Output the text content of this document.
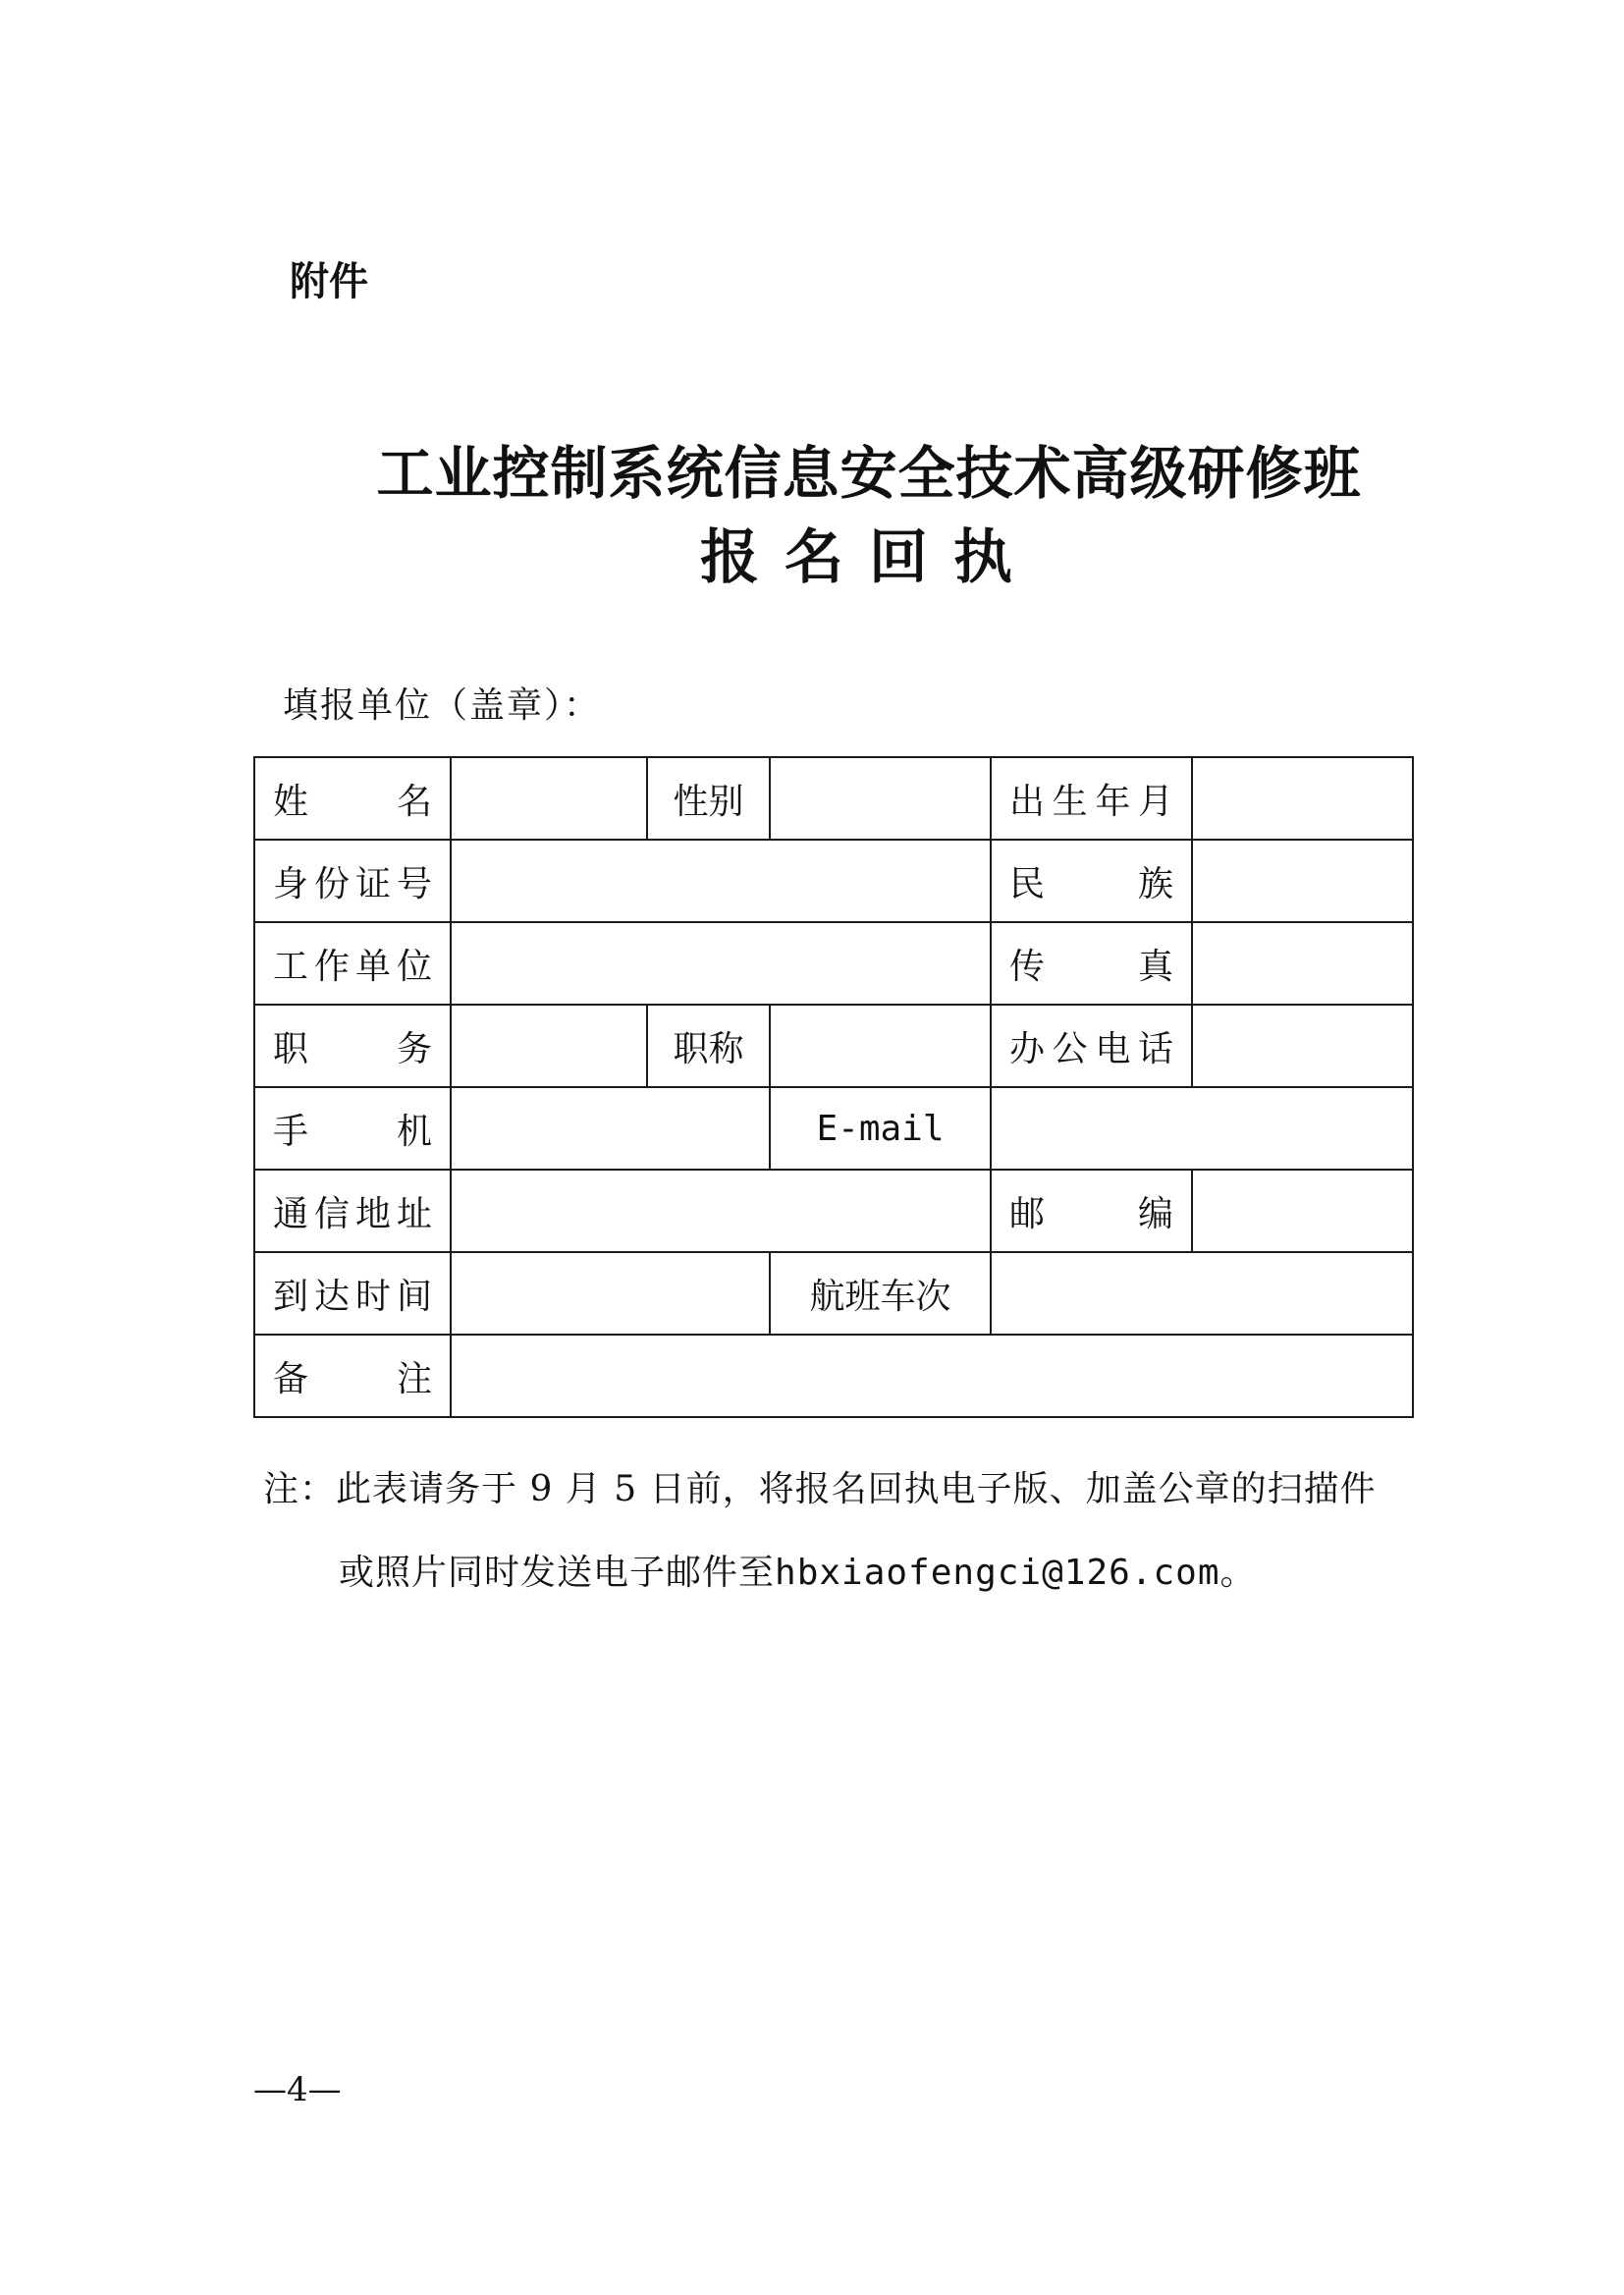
附件
工业控制系统信息安全技术高级研修班
报名回执
填报单位（盖章）：
姓名		性别		出生年月	
身份证号				民族	
工作单位				传真	
职务		职称		办公电话	
手机			E-mail		
通信地址				邮编	
到达时间			航班车次		
备注					
注：此表请务于 9 月 5 日前，将报名回执电子版、加盖公章的扫描件
或照片同时发送电子邮件至hbxiaofengci@126.com。
—4—
